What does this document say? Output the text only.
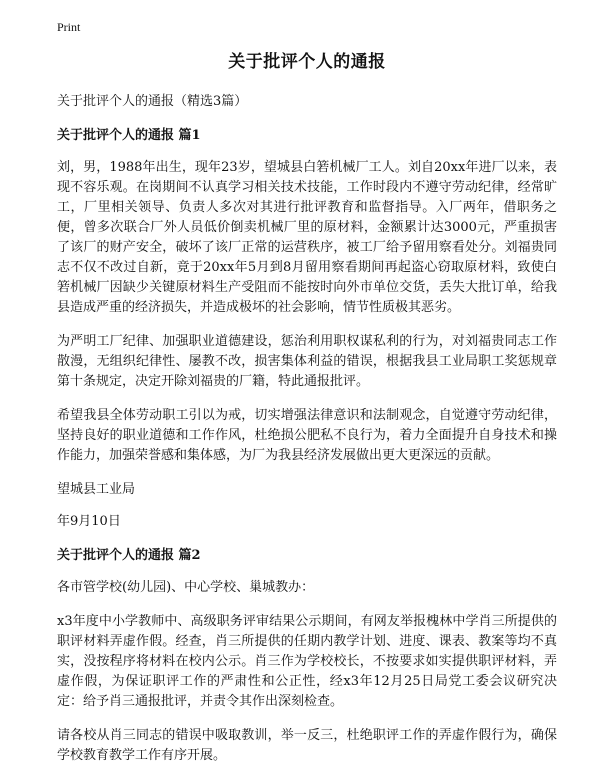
Print
关于批评个人的通报
关于批评个人的通报（精选3篇）
关于批评个人的通报 篇1
刘，男，1988年出生，现年23岁，望城县白箬机械厂工人。刘自20xx年进厂以来，表现不容乐观。在岗期间不认真学习相关技术技能，工作时段内不遵守劳动纪律，经常旷工，厂里相关领导、负责人多次对其进行批评教育和监督指导。入厂两年，借职务之便，曾多次联合厂外人员低价倒卖机械厂里的原材料，金额累计达3000元，严重损害了该厂的财产安全，破坏了该厂正常的运营秩序，被工厂给予留用察看处分。刘福贵同志不仅不改过自新，竟于20xx年5月到8月留用察看期间再起盗心窃取原材料，致使白箬机械厂因缺少关键原材料生产受阻而不能按时向外市单位交货，丢失大批订单，给我县造成严重的经济损失，并造成极坏的社会影响，情节性质极其恶劣。
为严明工厂纪律、加强职业道德建设，惩治利用职权谋私利的行为，对刘福贵同志工作散漫，无组织纪律性、屡教不改，损害集体利益的错误，根据我县工业局职工奖惩规章第十条规定，决定开除刘福贵的厂籍，特此通报批评。
希望我县全体劳动职工引以为戒，切实增强法律意识和法制观念，自觉遵守劳动纪律，坚持良好的职业道德和工作作风，杜绝损公肥私不良行为，着力全面提升自身技术和操作能力，加强荣誉感和集体感，为厂为我县经济发展做出更大更深远的贡献。
望城县工业局
年9月10日
关于批评个人的通报 篇2
各市管学校(幼儿园)、中心学校、巢城教办：
x3年度中小学教师中、高级职务评审结果公示期间，有网友举报槐林中学肖三所提供的职评材料弄虚作假。经查，肖三所提供的任期内教学计划、进度、课表、教案等均不真实，没按程序将材料在校内公示。肖三作为学校校长，不按要求如实提供职评材料，弄虚作假，为保证职评工作的严肃性和公正性，经x3年12月25日局党工委会议研究决定：给予肖三通报批评，并责令其作出深刻检查。
请各校从肖三同志的错误中吸取教训，举一反三，杜绝职评工作的弄虚作假行为，确保学校教育教学工作有序开展。
